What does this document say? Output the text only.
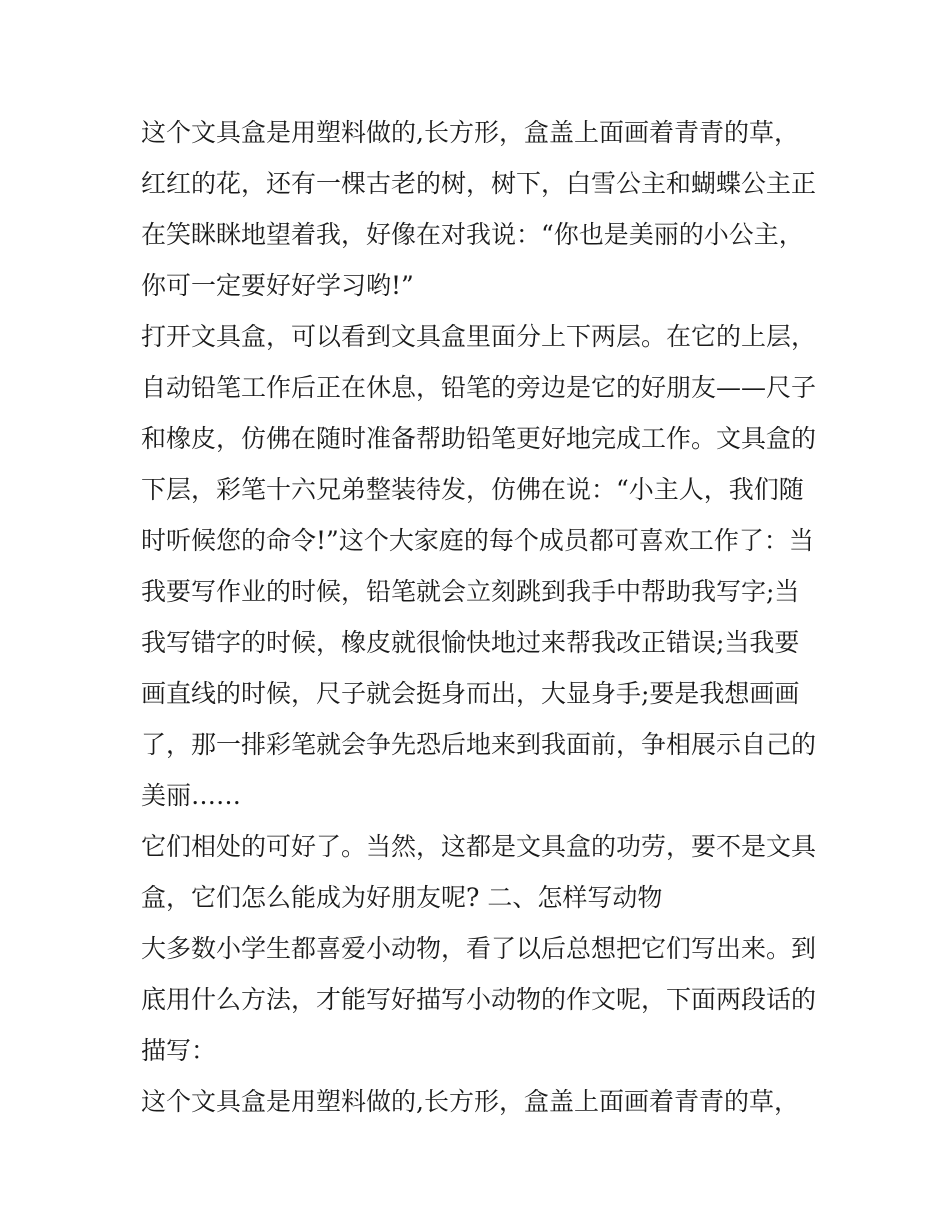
这个文具盒是用塑料做的,长方形，盒盖上面画着青青的草，
红红的花，还有一棵古老的树，树下，白雪公主和蝴蝶公主正
在笑眯眯地望着我，好像在对我说：“你也是美丽的小公主，
你可一定要好好学习哟!”
打开文具盒，可以看到文具盒里面分上下两层。在它的上层，
自动铅笔工作后正在休息，铅笔的旁边是它的好朋友——尺子
和橡皮，仿佛在随时准备帮助铅笔更好地完成工作。文具盒的
下层，彩笔十六兄弟整装待发，仿佛在说：“小主人，我们随
时听候您的命令!”这个大家庭的每个成员都可喜欢工作了：当
我要写作业的时候，铅笔就会立刻跳到我手中帮助我写字;当
我写错字的时候，橡皮就很愉快地过来帮我改正错误;当我要
画直线的时候，尺子就会挺身而出，大显身手;要是我想画画
了，那一排彩笔就会争先恐后地来到我面前，争相展示自己的
美丽……
它们相处的可好了。当然，这都是文具盒的功劳，要不是文具
盒，它们怎么能成为好朋友呢? 二、怎样写动物
大多数小学生都喜爱小动物，看了以后总想把它们写出来。到
底用什么方法，才能写好描写小动物的作文呢，下面两段话的
描写：
这个文具盒是用塑料做的,长方形，盒盖上面画着青青的草，
